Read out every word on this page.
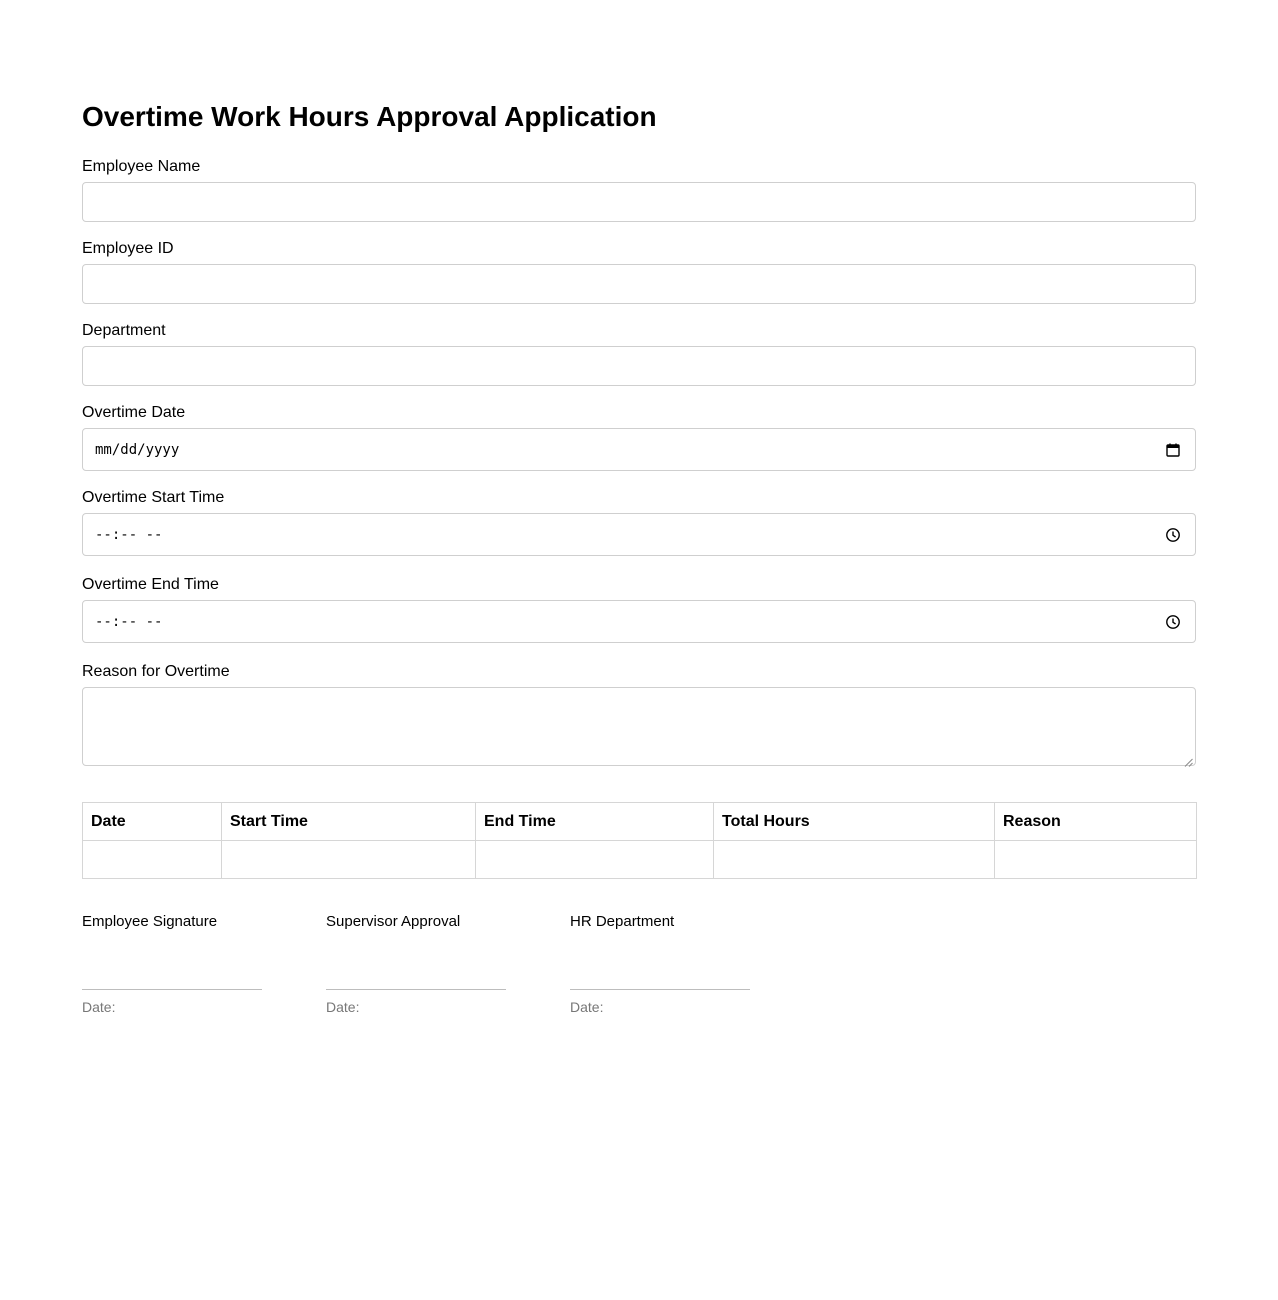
Overtime Work Hours Approval Application
Employee Name
Employee ID
Department
Overtime Date
mm/dd/yyyy
Overtime Start Time
--:-- --
Overtime End Time
--:-- --
Reason for Overtime
Date	Start Time	End Time	Total Hours	Reason

Employee Signature
Date:
Supervisor Approval
Date:
HR Department
Date:
